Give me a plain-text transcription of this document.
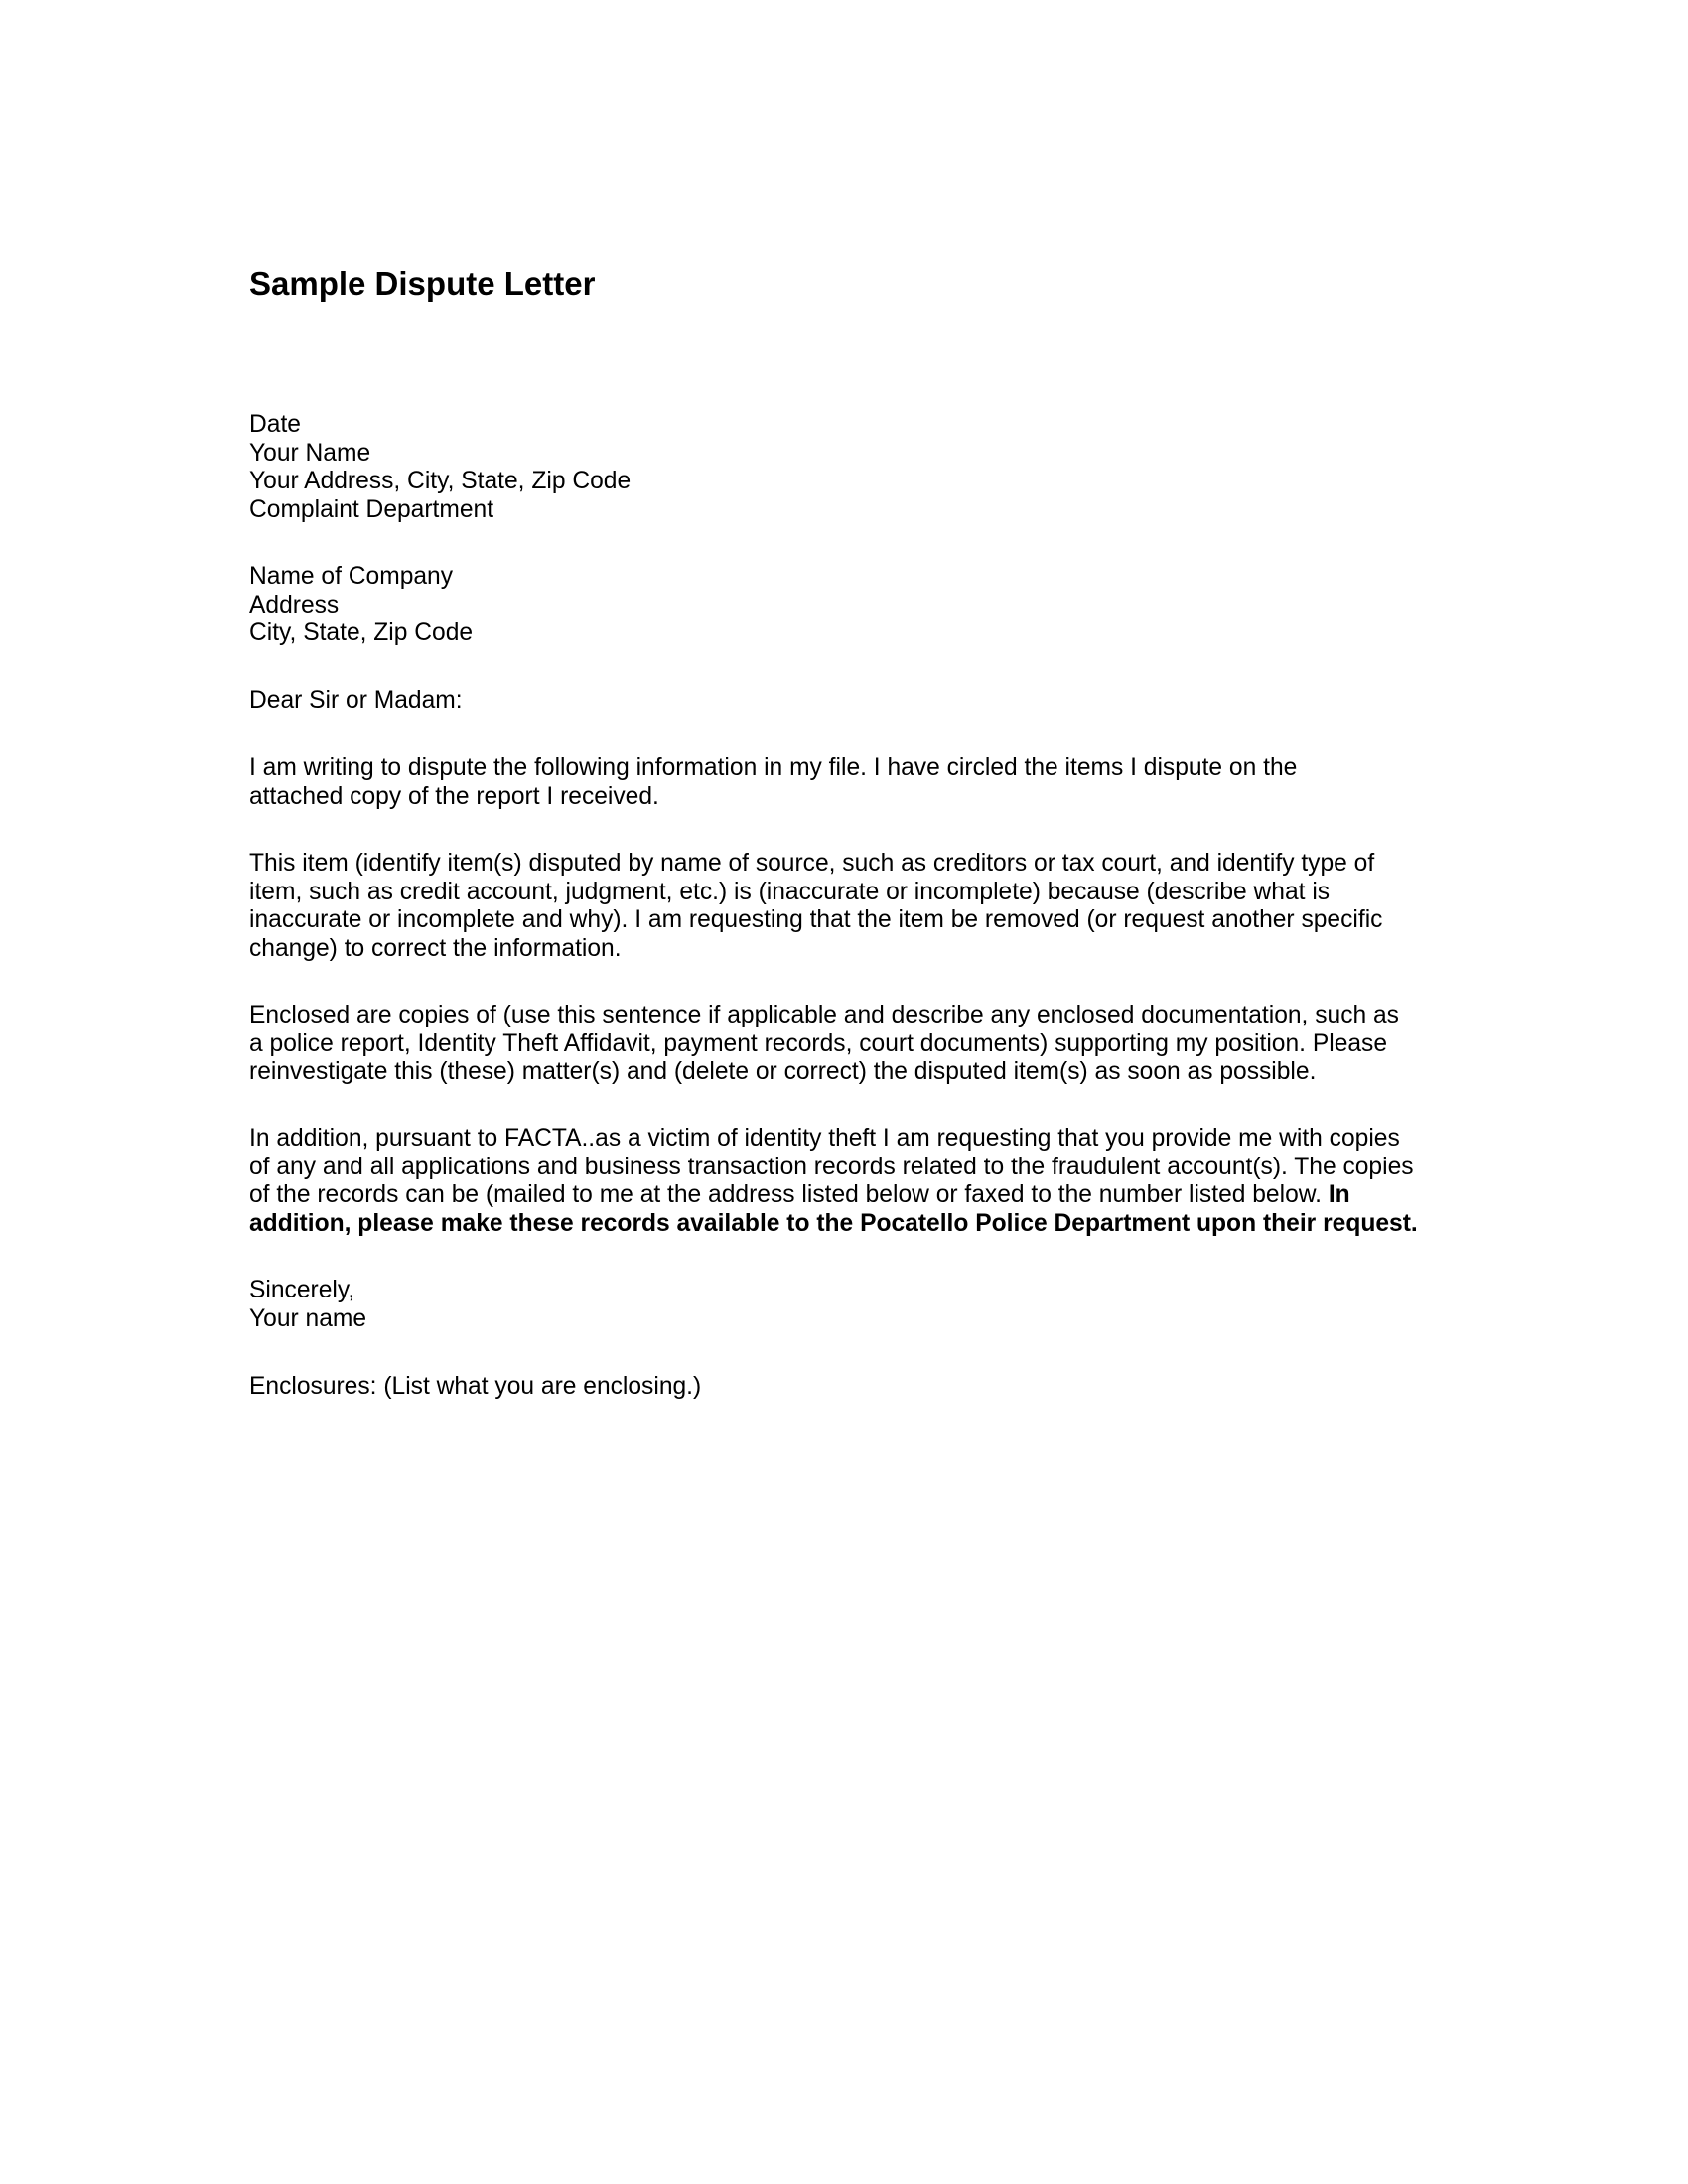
Sample Dispute Letter
Date
Your Name
Your Address, City, State, Zip Code
Complaint Department
Name of Company
Address
City, State, Zip Code
Dear Sir or Madam:
I am writing to dispute the following information in my file. I have circled the items I dispute on the
attached copy of the report I received.
This item (identify item(s) disputed by name of source, such as creditors or tax court, and identify type of
item, such as credit account, judgment, etc.) is (inaccurate or incomplete) because (describe what is
inaccurate or incomplete and why). I am requesting that the item be removed (or request another specific
change) to correct the information.
Enclosed are copies of (use this sentence if applicable and describe any enclosed documentation, such as
a police report, Identity Theft Affidavit, payment records, court documents) supporting my position. Please
reinvestigate this (these) matter(s) and (delete or correct) the disputed item(s) as soon as possible.
In addition, pursuant to FACTA..as a victim of identity theft I am requesting that you provide me with copies
of any and all applications and business transaction records related to the fraudulent account(s). The copies
of the records can be (mailed to me at the address listed below or faxed to the number listed below. In
addition, please make these records available to the Pocatello Police Department upon their request.
Sincerely,
Your name
Enclosures: (List what you are enclosing.)
